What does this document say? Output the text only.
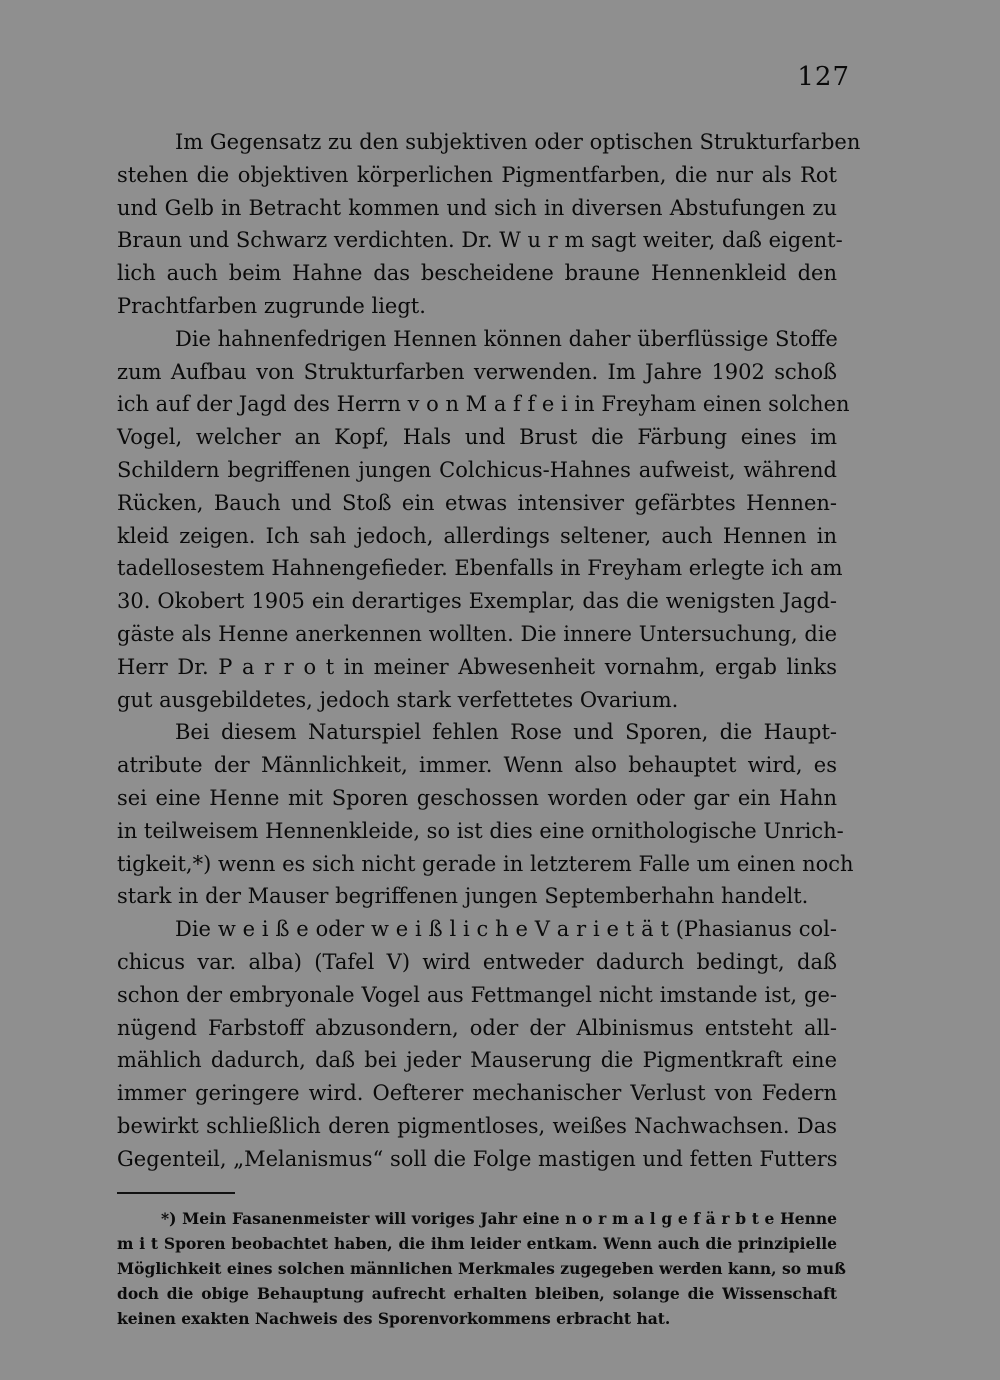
127
Im Gegensatz zu den subjektiven oder optischen Strukturfarben
stehen die objektiven körperlichen Pigmentfarben, die nur als Rot
und Gelb in Betracht kommen und sich in diversen Abstufungen zu
Braun und Schwarz verdichten. Dr. W u r m sagt weiter, daß eigent-
lich auch beim Hahne das bescheidene braune Hennenkleid den
Prachtfarben zugrunde liegt.
Die hahnenfedrigen Hennen können daher überflüssige Stoffe
zum Aufbau von Strukturfarben verwenden. Im Jahre 1902 schoß
ich auf der Jagd des Herrn v o n M a f f e i in Freyham einen solchen
Vogel, welcher an Kopf, Hals und Brust die Färbung eines im
Schildern begriffenen jungen Colchicus-Hahnes aufweist, während
Rücken, Bauch und Stoß ein etwas intensiver gefärbtes Hennen-
kleid zeigen. Ich sah jedoch, allerdings seltener, auch Hennen in
tadellosestem Hahnengefieder. Ebenfalls in Freyham erlegte ich am
30. Okobert 1905 ein derartiges Exemplar, das die wenigsten Jagd-
gäste als Henne anerkennen wollten. Die innere Untersuchung, die
Herr Dr. P a r r o t in meiner Abwesenheit vornahm, ergab links
gut ausgebildetes, jedoch stark verfettetes Ovarium.
Bei diesem Naturspiel fehlen Rose und Sporen, die Haupt-
atribute der Männlichkeit, immer. Wenn also behauptet wird, es
sei eine Henne mit Sporen geschossen worden oder gar ein Hahn
in teilweisem Hennenkleide, so ist dies eine ornithologische Unrich-
tigkeit,*) wenn es sich nicht gerade in letzterem Falle um einen noch
stark in der Mauser begriffenen jungen Septemberhahn handelt.
Die w e i ß e oder w e i ß l i c h e V a r i e t ä t (Phasianus col-
chicus var. alba) (Tafel V) wird entweder dadurch bedingt, daß
schon der embryonale Vogel aus Fettmangel nicht imstande ist, ge-
nügend Farbstoff abzusondern, oder der Albinismus entsteht all-
mählich dadurch, daß bei jeder Mauserung die Pigmentkraft eine
immer geringere wird. Oefterer mechanischer Verlust von Federn
bewirkt schließlich deren pigmentloses, weißes Nachwachsen. Das
Gegenteil, „Melanismus“ soll die Folge mastigen und fetten Futters
*) Mein Fasanenmeister will voriges Jahr eine n o r m a l g e f ä r b t e Henne
m i t Sporen beobachtet haben, die ihm leider entkam. Wenn auch die prinzipielle
Möglichkeit eines solchen männlichen Merkmales zugegeben werden kann, so muß
doch die obige Behauptung aufrecht erhalten bleiben, solange die Wissenschaft
keinen exakten Nachweis des Sporenvorkommens erbracht hat.
